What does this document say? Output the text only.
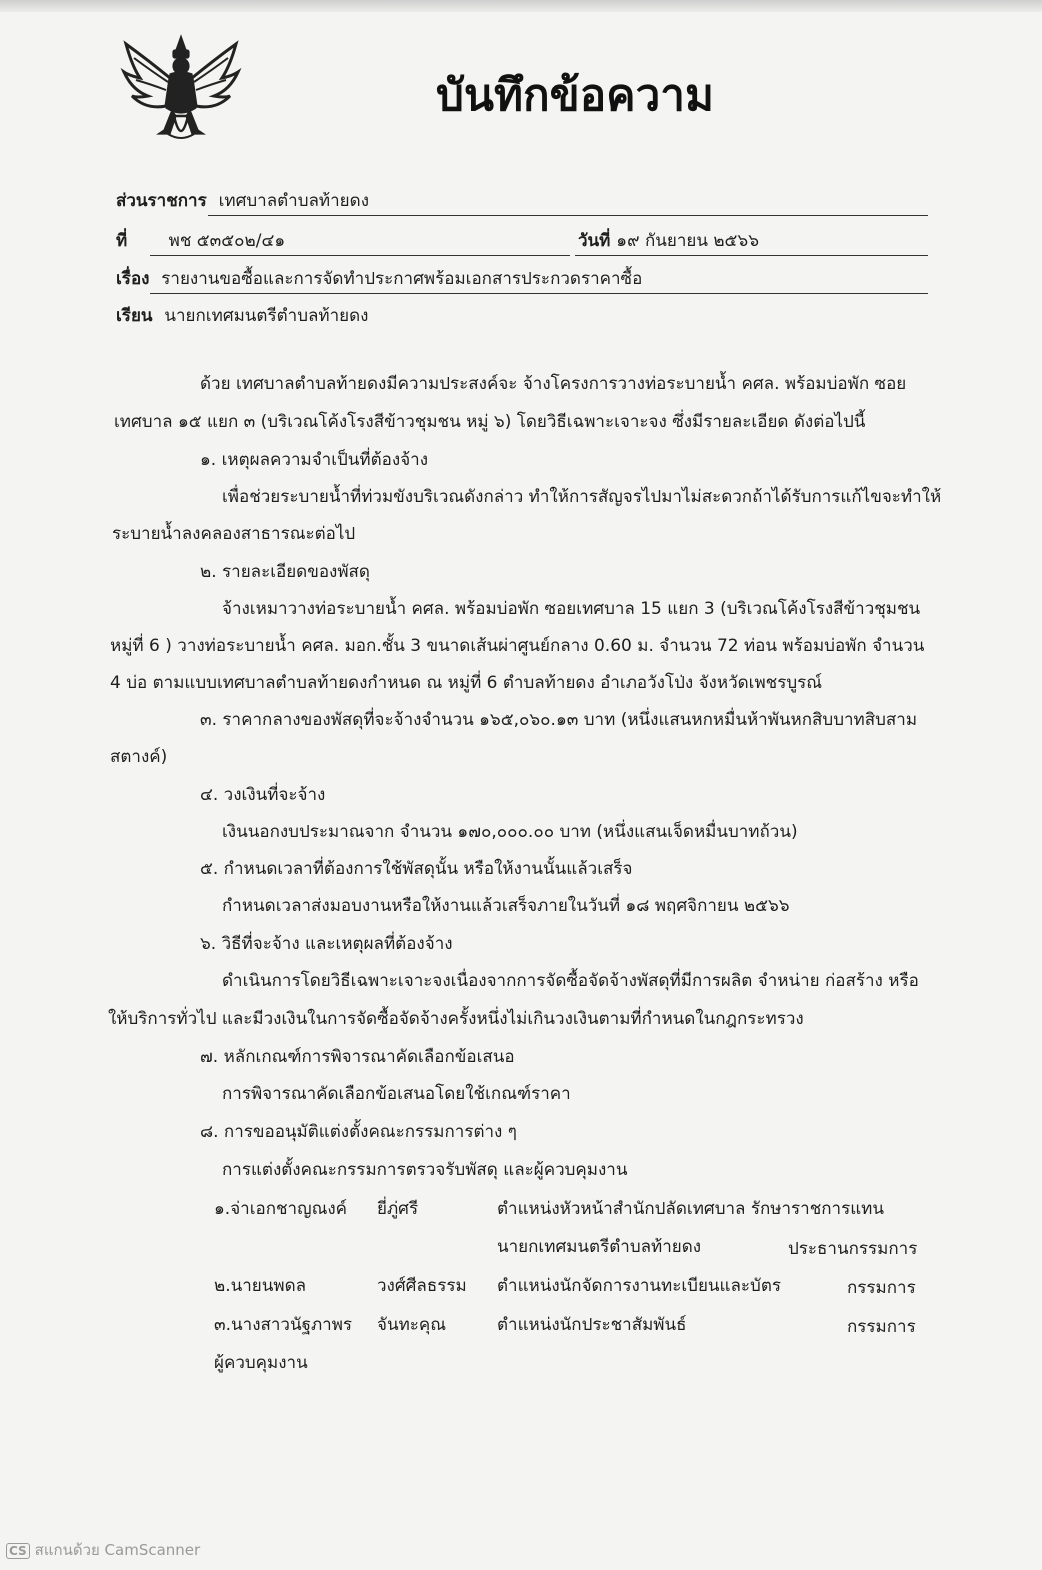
บันทึกข้อความ
ส่วนราชการ เทศบาลตำบลท้ายดง
ที่ พช ๕๓๕๐๒/๔๑	วันที่ ๑๙ กันยายน ๒๕๖๖
เรื่อง รายงานขอซื้อและการจัดทำประกาศพร้อมเอกสารประกวดราคาซื้อ
เรียน นายกเทศมนตรีตำบลท้ายดง
ด้วย เทศบาลตำบลท้ายดงมีความประสงค์จะ จ้างโครงการวางท่อระบายน้ำ คศล. พร้อมบ่อพัก ซอย
เทศบาล ๑๕ แยก ๓ (บริเวณโค้งโรงสีข้าวชุมชน หมู่ ๖) โดยวิธีเฉพาะเจาะจง ซึ่งมีรายละเอียด ดังต่อไปนี้
๑. เหตุผลความจำเป็นที่ต้องจ้าง
เพื่อช่วยระบายน้ำที่ท่วมขังบริเวณดังกล่าว ทำให้การสัญจรไปมาไม่สะดวกถ้าได้รับการแก้ไขจะทำให้
ระบายน้ำลงคลองสาธารณะต่อไป
๒. รายละเอียดของพัสดุ
จ้างเหมาวางท่อระบายน้ำ คศล. พร้อมบ่อพัก ซอยเทศบาล 15 แยก 3 (บริเวณโค้งโรงสีข้าวชุมชน
หมู่ที่ 6 ) วางท่อระบายน้ำ คศล. มอก.ชั้น 3 ขนาดเส้นผ่าศูนย์กลาง 0.60 ม. จำนวน 72 ท่อน พร้อมบ่อพัก จำนวน
4 บ่อ ตามแบบเทศบาลตำบลท้ายดงกำหนด ณ หมู่ที่ 6 ตำบลท้ายดง อำเภอวังโป่ง จังหวัดเพชรบูรณ์
๓. ราคากลางของพัสดุที่จะจ้างจำนวน ๑๖๕,๐๖๐.๑๓ บาท (หนึ่งแสนหกหมื่นห้าพันหกสิบบาทสิบสาม
สตางค์)
๔. วงเงินที่จะจ้าง
เงินนอกงบประมาณจาก จำนวน ๑๗๐,๐๐๐.๐๐ บาท (หนึ่งแสนเจ็ดหมื่นบาทถ้วน)
๕. กำหนดเวลาที่ต้องการใช้พัสดุนั้น หรือให้งานนั้นแล้วเสร็จ
กำหนดเวลาส่งมอบงานหรือให้งานแล้วเสร็จภายในวันที่ ๑๘ พฤศจิกายน ๒๕๖๖
๖. วิธีที่จะจ้าง และเหตุผลที่ต้องจ้าง
ดำเนินการโดยวิธีเฉพาะเจาะจงเนื่องจากการจัดซื้อจัดจ้างพัสดุที่มีการผลิต จำหน่าย ก่อสร้าง หรือ
ให้บริการทั่วไป และมีวงเงินในการจัดซื้อจัดจ้างครั้งหนึ่งไม่เกินวงเงินตามที่กำหนดในกฎกระทรวง
๗. หลักเกณฑ์การพิจารณาคัดเลือกข้อเสนอ
การพิจารณาคัดเลือกข้อเสนอโดยใช้เกณฑ์ราคา
๘. การขออนุมัติแต่งตั้งคณะกรรมการต่าง ๆ
การแต่งตั้งคณะกรรมการตรวจรับพัสดุ และผู้ควบคุมงาน
๑.จ่าเอกชาญณงค์ ยี่ภู่ศรี	ตำแหน่งหัวหน้าสำนักปลัดเทศบาล รักษาราชการแทน
นายกเทศมนตรีตำบลท้ายดง	ประธานกรรมการ
๒.นายนพดล	วงศ์ศีลธรรม ตำแหน่งนักจัดการงานทะเบียนและบัตร	กรรมการ
๓.นางสาวนัฐภาพร จันทะคุณ	ตำแหน่งนักประชาสัมพันธ์	กรรมการ
ผู้ควบคุมงาน
CS สแกนด้วย CamScanner
